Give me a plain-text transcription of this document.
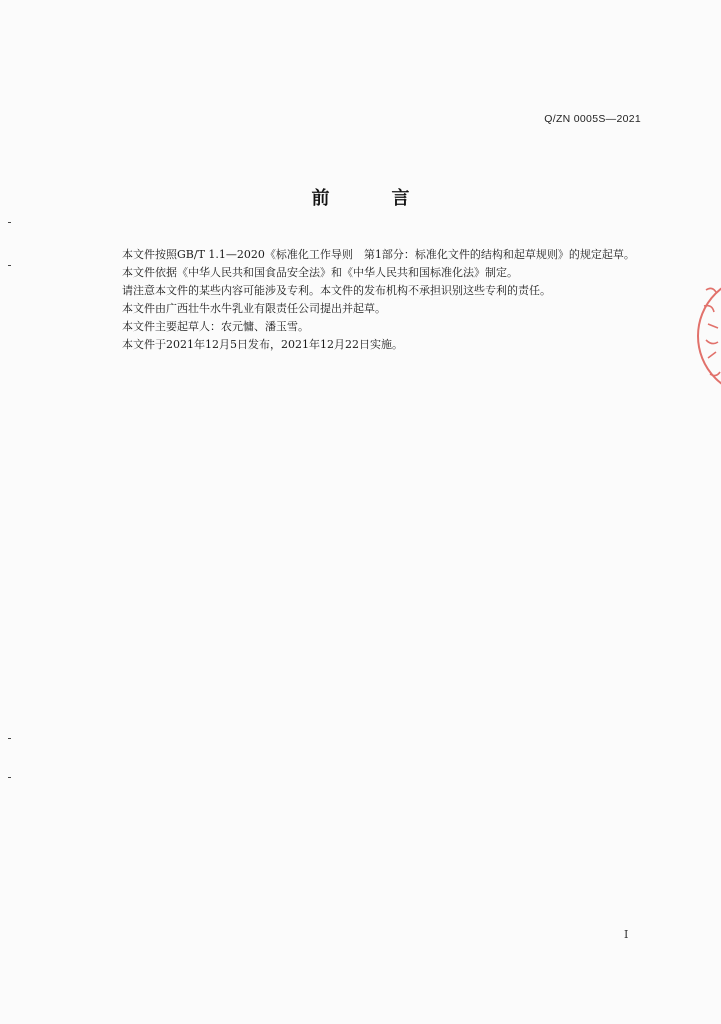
Q/ZN 0005S—2021
前　言

本文件按照GB/T 1.1—2020《标准化工作导则　第1部分：标准化文件的结构和起草规则》的规定起草。

本文件依据《中华人民共和国食品安全法》和《中华人民共和国标准化法》制定。

请注意本文件的某些内容可能涉及专利。本文件的发布机构不承担识别这些专利的责任。

本文件由广西壮牛水牛乳业有限责任公司提出并起草。

本文件主要起草人：农元慵、潘玉雪。

本文件于2021年12月5日发布，2021年12月22日实施。

I
